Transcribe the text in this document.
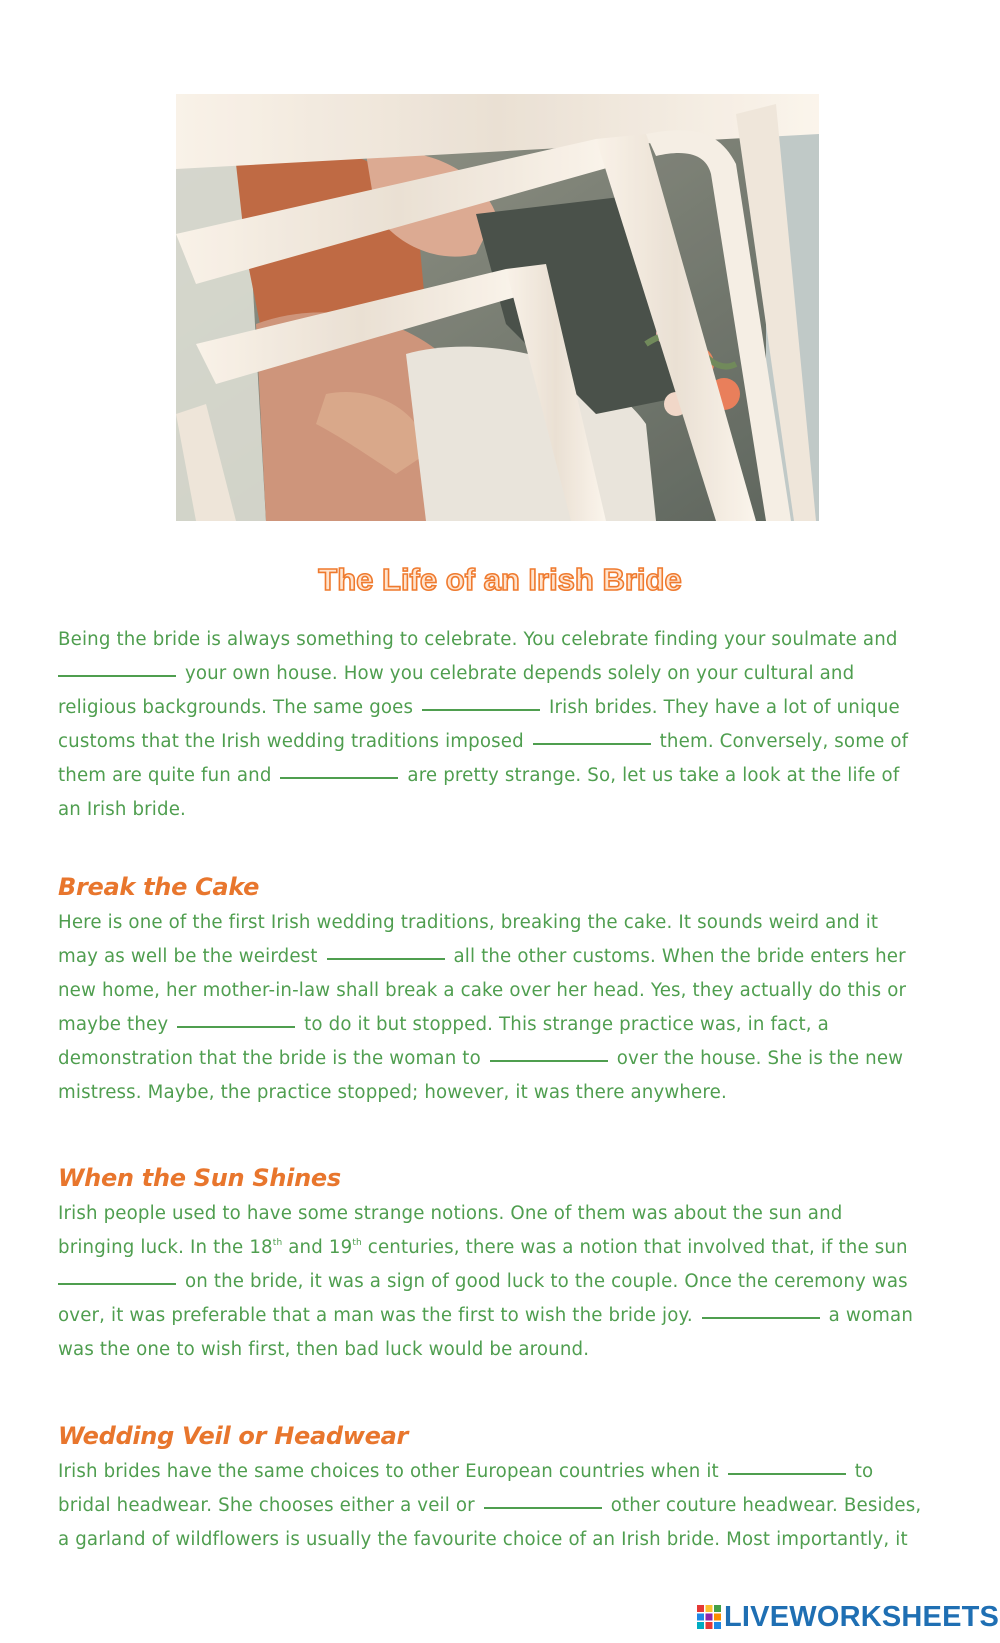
The Life of an Irish Bride
Being the bride is always something to celebrate. You celebrate finding your soulmate and
your own house. How you celebrate depends solely on your cultural and
religious backgrounds. The same goes	Irish brides. They have a lot of unique
customs that the Irish wedding traditions imposed	them. Conversely, some of
them are quite fun and	are pretty strange. So, let us take a look at the life of
an Irish bride.
Break the Cake
Here is one of the first Irish wedding traditions, breaking the cake. It sounds weird and it
may as well be the weirdest	all the other customs. When the bride enters her
new home, her mother-in-law shall break a cake over her head. Yes, they actually do this or
maybe they	to do it but stopped. This strange practice was, in fact, a
demonstration that the bride is the woman to	over the house. She is the new
mistress. Maybe, the practice stopped; however, it was there anywhere.
When the Sun Shines
Irish people used to have some strange notions. One of them was about the sun and
bringing luck. In the 18th and 19th centuries, there was a notion that involved that, if the sun
on the bride, it was a sign of good luck to the couple. Once the ceremony was
over, it was preferable that a man was the first to wish the bride joy.	a woman
was the one to wish first, then bad luck would be around.
Wedding Veil or Headwear
Irish brides have the same choices to other European countries when it	to
bridal headwear. She chooses either a veil or	other couture headwear. Besides,
a garland of wildflowers is usually the favourite choice of an Irish bride. Most importantly, it
LIVEWORKSHEETS
